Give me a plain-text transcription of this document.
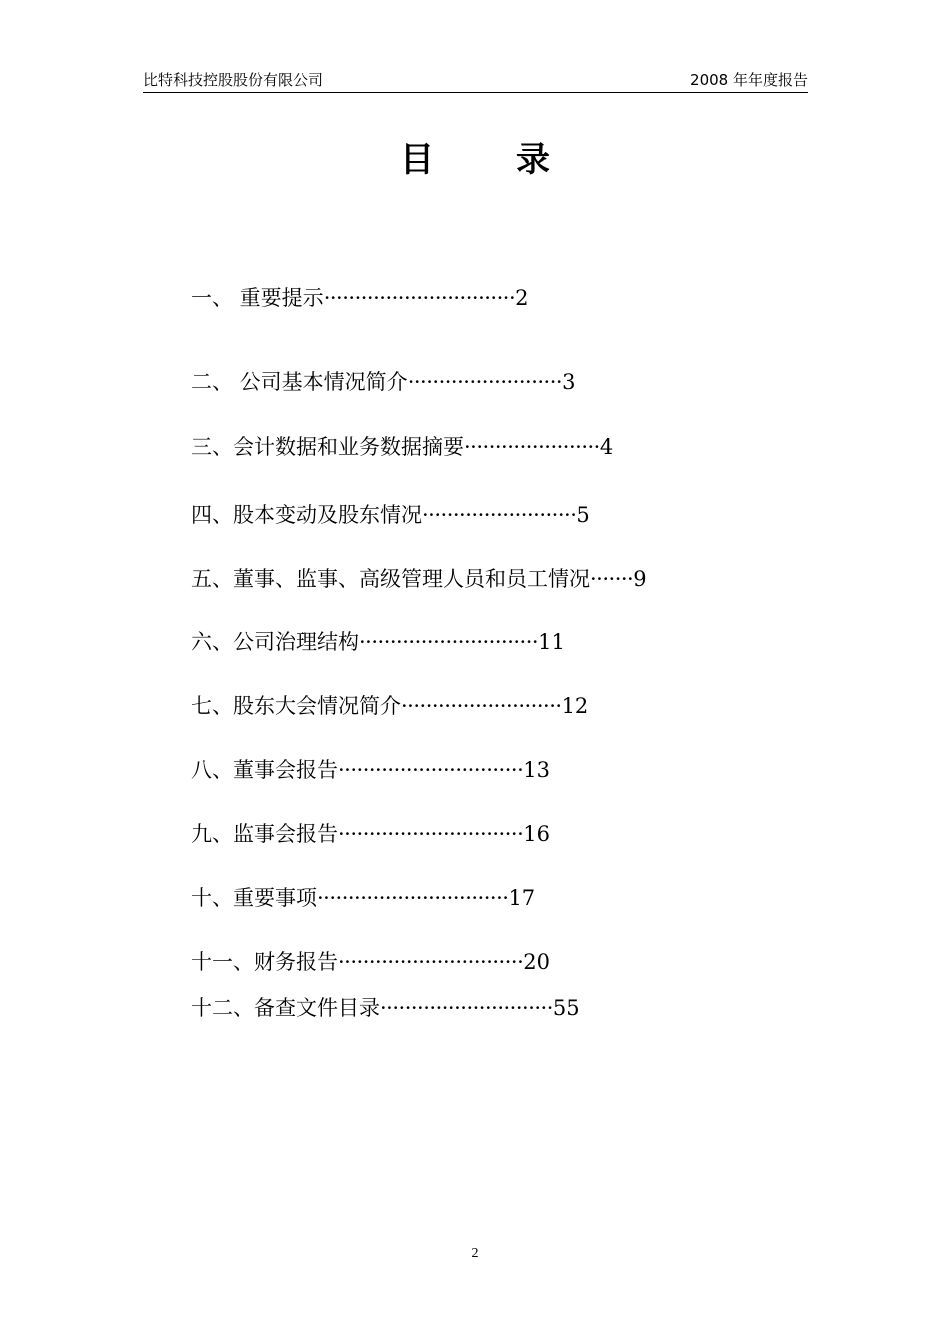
比特科技控股股份有限公司	2008 年年度报告
目 录
一、 重要提示·······························2
二、 公司基本情况简介·························3
三、会计数据和业务数据摘要······················4
四、股本变动及股东情况·························5
五、董事、监事、高级管理人员和员工情况·······9
六、公司治理结构·····························11
七、股东大会情况简介··························12
八、董事会报告······························13
九、监事会报告······························16
十、重要事项·······························17
十一、财务报告······························20
十二、备查文件目录····························55
2
